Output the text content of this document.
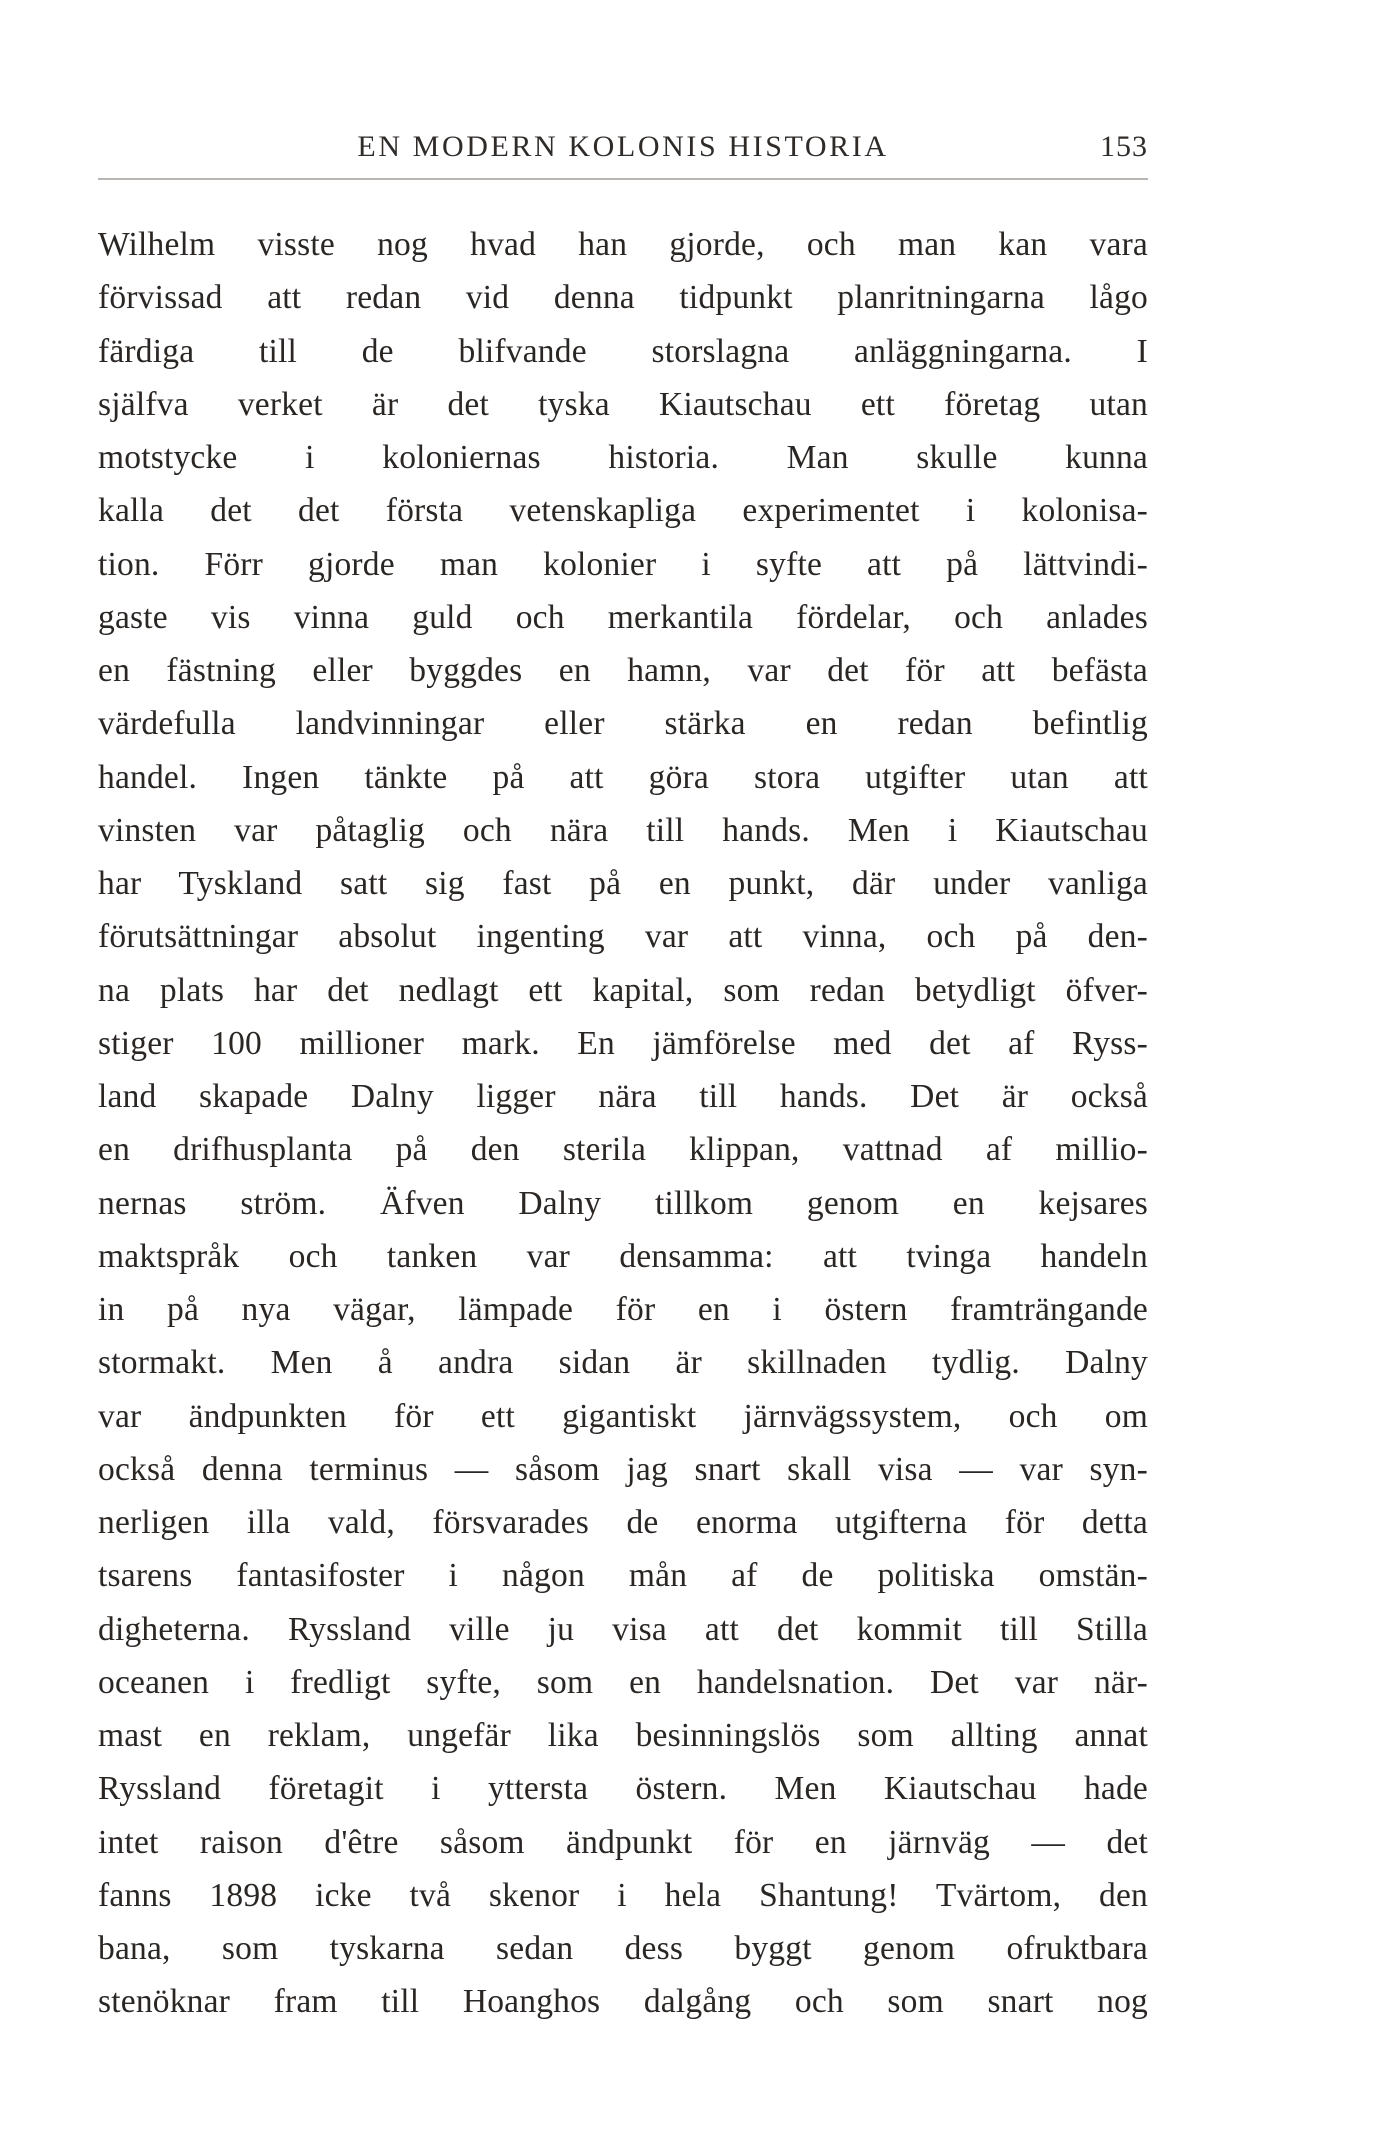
EN MODERN KOLONIS HISTORIA	153
Wilhelm visste nog hvad han gjorde, och man kan vara
förvissad att redan vid denna tidpunkt planritningarna lågo
färdiga till de blifvande storslagna anläggningarna. I
själfva verket är det tyska Kiautschau ett företag utan
motstycke i koloniernas historia. Man skulle kunna
kalla det det första vetenskapliga experimentet i kolonisa-
tion. Förr gjorde man kolonier i syfte att på lättvindi-
gaste vis vinna guld och merkantila fördelar, och anlades
en fästning eller byggdes en hamn, var det för att befästa
värdefulla landvinningar eller stärka en redan befintlig
handel. Ingen tänkte på att göra stora utgifter utan att
vinsten var påtaglig och nära till hands. Men i Kiautschau
har Tyskland satt sig fast på en punkt, där under vanliga
förutsättningar absolut ingenting var att vinna, och på den-
na plats har det nedlagt ett kapital, som redan betydligt öfver-
stiger 100 millioner mark. En jämförelse med det af Ryss-
land skapade Dalny ligger nära till hands. Det är också
en drifhusplanta på den sterila klippan, vattnad af millio-
nernas ström. Äfven Dalny tillkom genom en kejsares
maktspråk och tanken var densamma: att tvinga handeln
in på nya vägar, lämpade för en i östern framträngande
stormakt. Men å andra sidan är skillnaden tydlig. Dalny
var ändpunkten för ett gigantiskt järnvägssystem, och om
också denna terminus — såsom jag snart skall visa — var syn-
nerligen illa vald, försvarades de enorma utgifterna för detta
tsarens fantasifoster i någon mån af de politiska omstän-
digheterna. Ryssland ville ju visa att det kommit till Stilla
oceanen i fredligt syfte, som en handelsnation. Det var när-
mast en reklam, ungefär lika besinningslös som allting annat
Ryssland företagit i yttersta östern. Men Kiautschau hade
intet raison d'être såsom ändpunkt för en järnväg — det
fanns 1898 icke två skenor i hela Shantung! Tvärtom, den
bana, som tyskarna sedan dess byggt genom ofruktbara
stenöknar fram till Hoanghos dalgång och som snart nog
